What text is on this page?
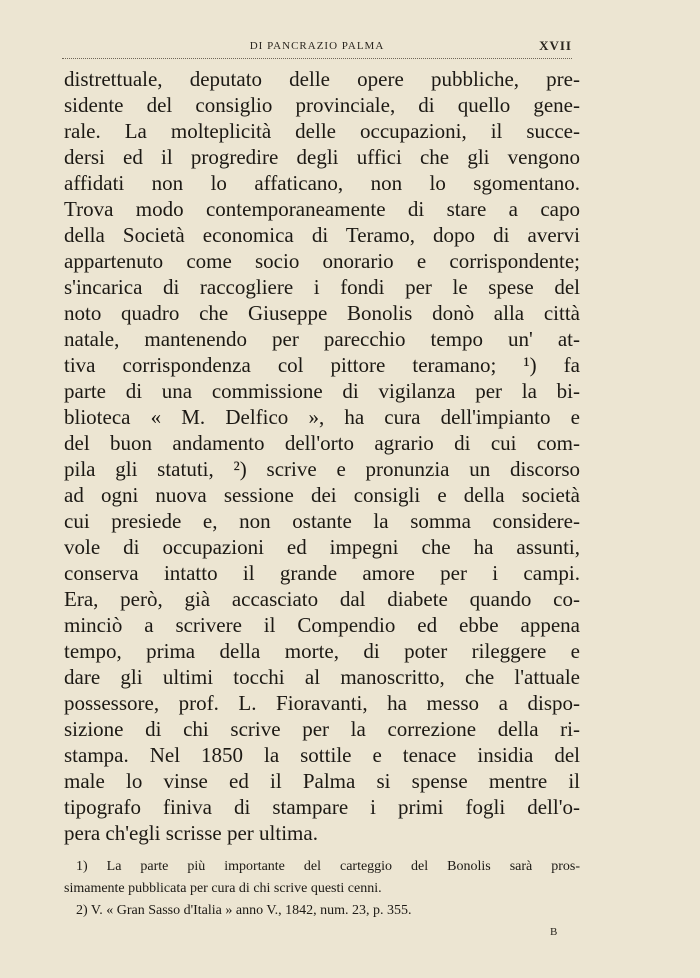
DI PANCRAZIO PALMA	XVII
distrettuale, deputato delle opere pubbliche, pre-
sidente del consiglio provinciale, di quello gene-
rale. La molteplicità delle occupazioni, il succe-
dersi ed il progredire degli uffici che gli vengono
affidati non lo affaticano, non lo sgomentano.
Trova modo contemporaneamente di stare a capo
della Società economica di Teramo, dopo di avervi
appartenuto come socio onorario e corrispondente;
s'incarica di raccogliere i fondi per le spese del
noto quadro che Giuseppe Bonolis donò alla città
natale, mantenendo per parecchio tempo un' at-
tiva corrispondenza col pittore teramano; ¹) fa
parte di una commissione di vigilanza per la bi-
blioteca « M. Delfico », ha cura dell'impianto e
del buon andamento dell'orto agrario di cui com-
pila gli statuti, ²) scrive e pronunzia un discorso
ad ogni nuova sessione dei consigli e della società
cui presiede e, non ostante la somma considere-
vole di occupazioni ed impegni che ha assunti,
conserva intatto il grande amore per i campi.
Era, però, già accasciato dal diabete quando co-
minciò a scrivere il Compendio ed ebbe appena
tempo, prima della morte, di poter rileggere e
dare gli ultimi tocchi al manoscritto, che l'attuale
possessore, prof. L. Fioravanti, ha messo a dispo-
sizione di chi scrive per la correzione della ri-
stampa. Nel 1850 la sottile e tenace insidia del
male lo vinse ed il Palma si spense mentre il
tipografo finiva di stampare i primi fogli dell'o-
pera ch'egli scrisse per ultima.
1) La parte più importante del carteggio del Bonolis sarà pros-
simamente pubblicata per cura di chi scrive questi cenni.
2) V. « Gran Sasso d'Italia » anno V., 1842, num. 23, p. 355.
B
